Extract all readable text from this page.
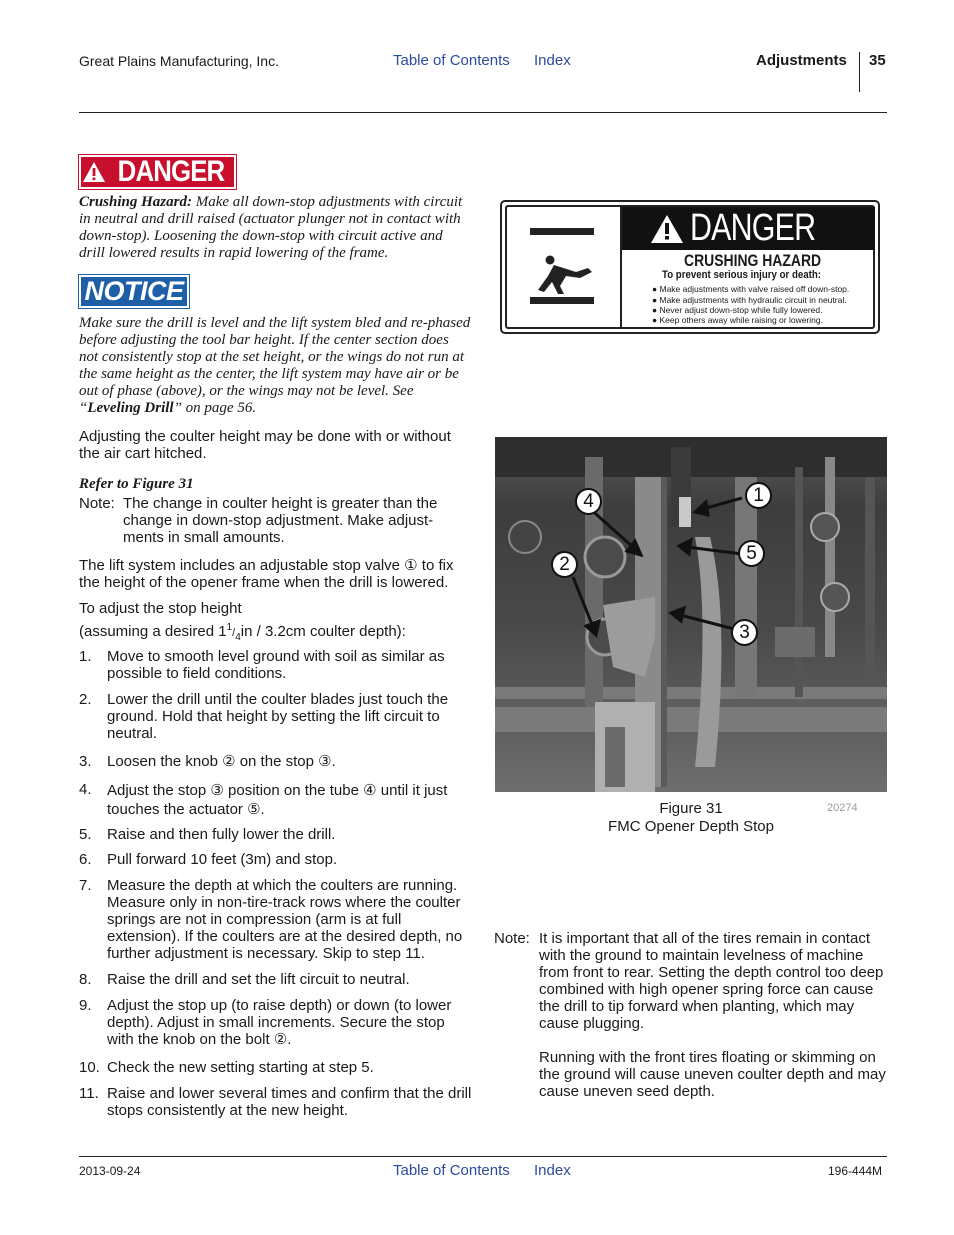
Great Plains Manufacturing, Inc.	Table of Contents Index	Adjustments 35
DANGER
Crushing Hazard: Make all down-stop adjustments with circuit in neutral and drill raised (actuator plunger not in contact with down-stop). Loosening the down-stop with circuit active and drill lowered results in rapid lowering of the frame.
NOTICE
Make sure the drill is level and the lift system bled and re-phased before adjusting the tool bar height. If the center section does not consistently stop at the set height, or the wings do not run at the same height as the center, the lift system may have air or be out of phase (above), or the wings may not be level. See “Leveling Drill” on page 56.
Adjusting the coulter height may be done with or without the air cart hitched.
Refer to Figure 31
Note: The change in coulter height is greater than the change in down-stop adjustment. Make adjust-ments in small amounts.
The lift system includes an adjustable stop valve ① to fix the height of the opener frame when the drill is lowered.
To adjust the stop height
(assuming a desired $1^1/_4in / 3.2cm$ coulter depth):
1. Move to smooth level ground with soil as similar as possible to field conditions.
2. Lower the drill until the coulter blades just touch the ground. Hold that height by setting the lift circuit to neutral.
3. Loosen the knob ② on the stop ③.
4. Adjust the stop ③ position on the tube ④ until it just touches the actuator ⑤.
5. Raise and then fully lower the drill.
6. Pull forward 10 feet (3m) and stop.
7. Measure the depth at which the coulters are running. Measure only in non-tire-track rows where the coulter springs are not in compression (arm is at full extension). If the coulters are at the desired depth, no further adjustment is necessary. Skip to step 11.
8. Raise the drill and set the lift circuit to neutral.
9. Adjust the stop up (to raise depth) or down (to lower depth). Adjust in small increments. Secure the stop with the knob on the bolt ②.
10. Check the new setting starting at step 5.
11. Raise and lower several times and confirm that the drill stops consistently at the new height.
DANGER
CRUSHING HAZARD
To prevent serious injury or death:
● Make adjustments with valve raised off down-stop.
● Make adjustments with hydraulic circuit in neutral.
● Never adjust down-stop while fully lowered.
● Keep others away while raising or lowering.
4	1
2
5
3
Figure 31	20274
FMC Opener Depth Stop
Note: It is important that all of the tires remain in contact with the ground to maintain levelness of machine from front to rear. Setting the depth control too deep combined with high opener spring force can cause the drill to tip forward when planting, which may cause plugging.
Running with the front tires floating or skimming on the ground will cause uneven coulter depth and may cause uneven seed depth.
2013-09-24	Table of Contents Index	196-444M
